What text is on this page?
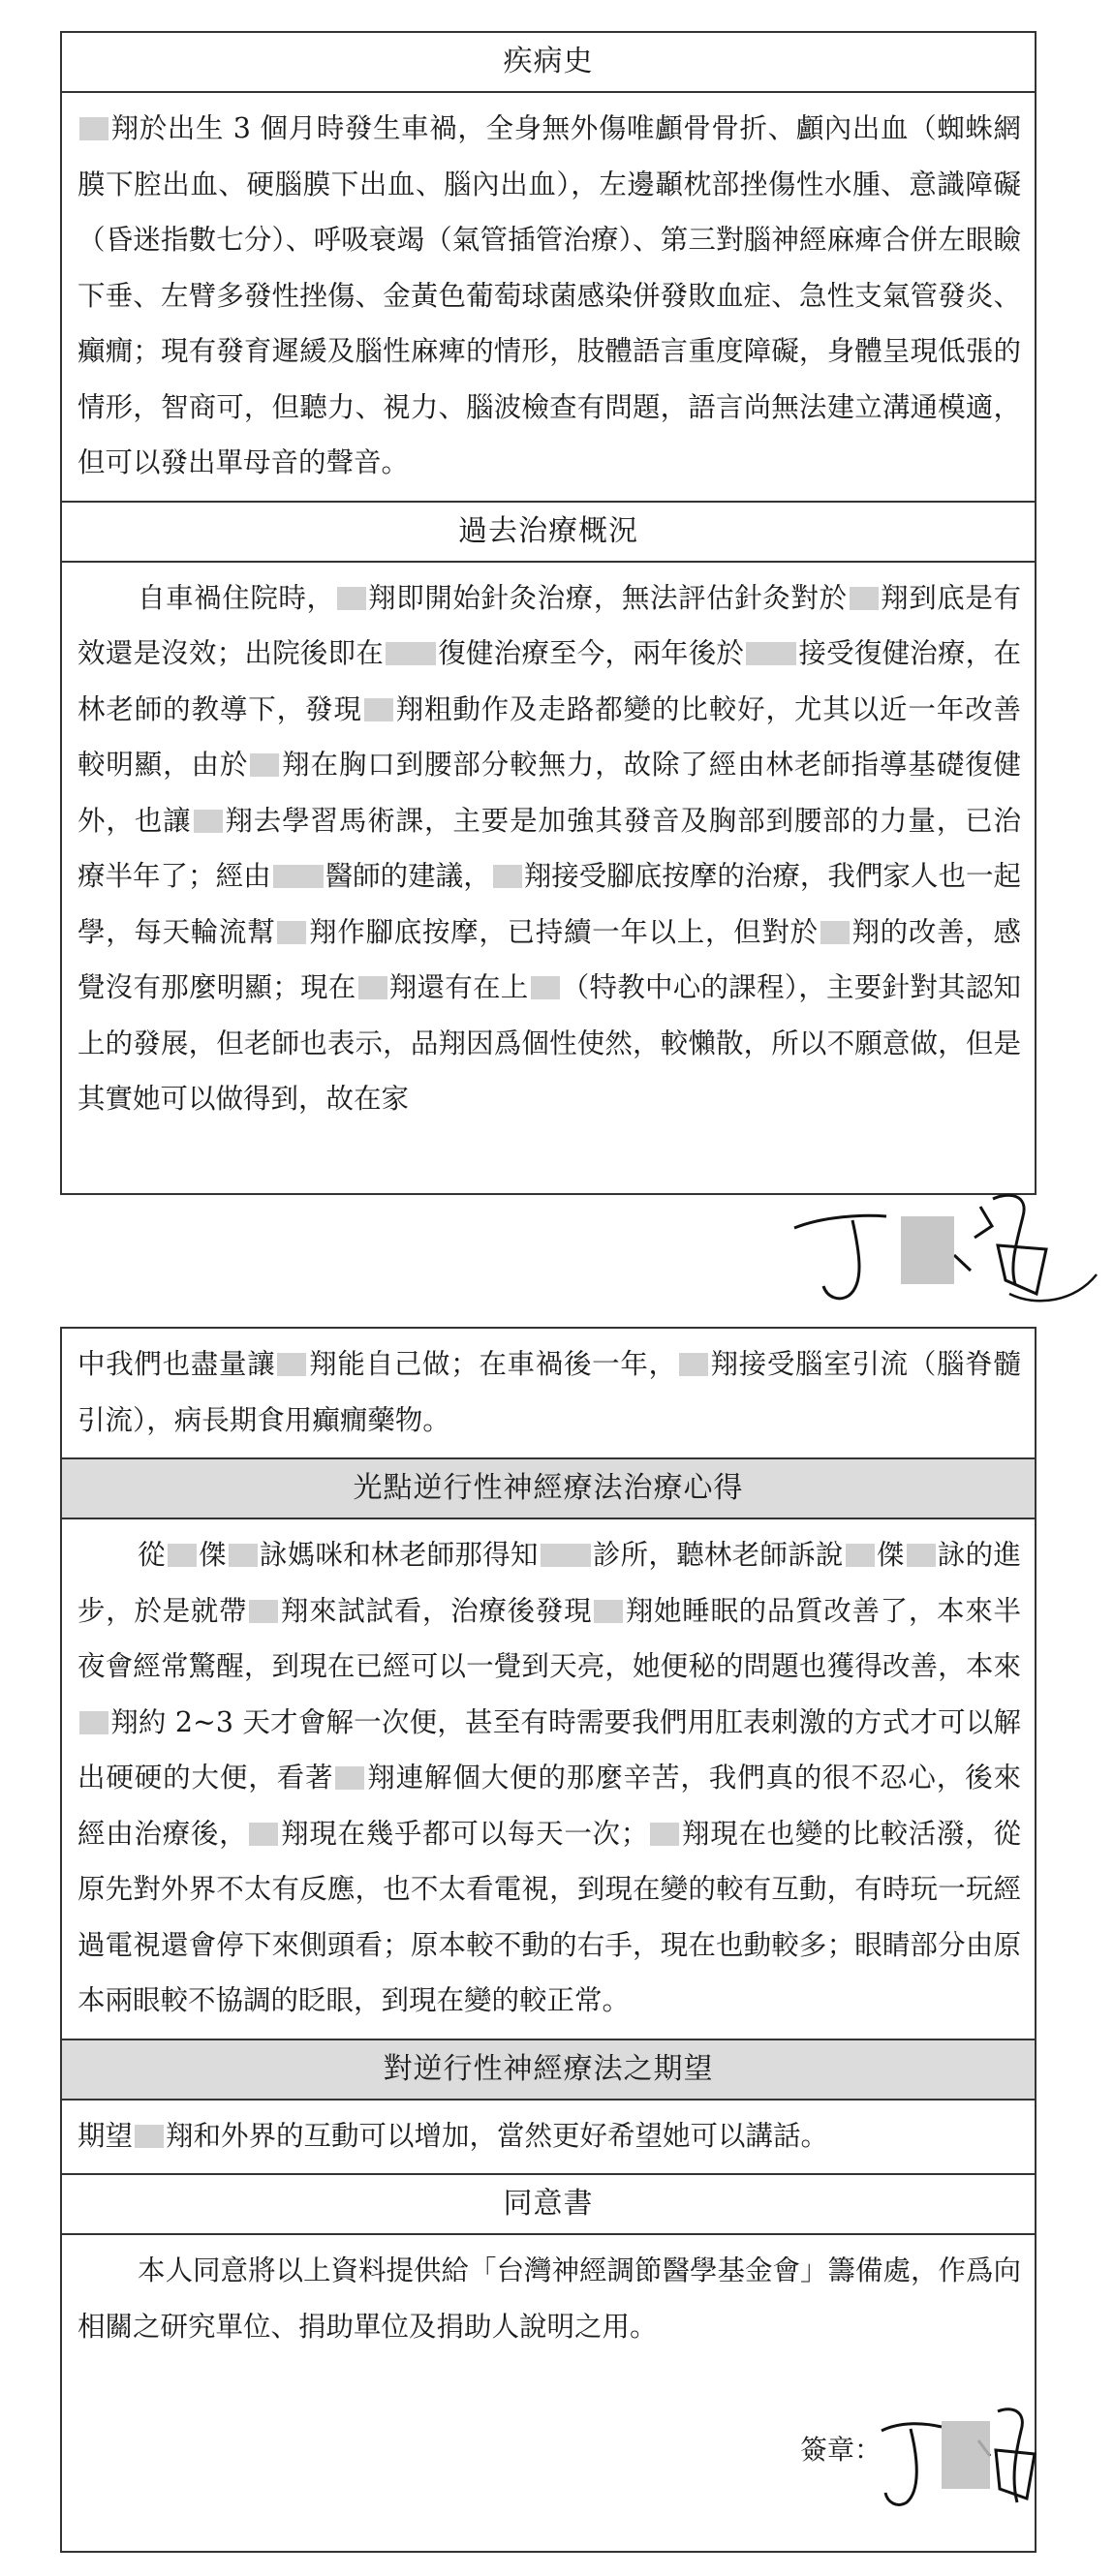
疾病史

翔於出生 3 個月時發生車禍，全身無外傷唯顱骨骨折、顱內出血（蜘蛛網膜下腔出血、硬腦膜下出血、腦內出血），左邊顳枕部挫傷性水腫、意識障礙（昏迷指數七分）、呼吸衰竭（氣管插管治療）、第三對腦神經麻痺合併左眼瞼下垂、左臂多發性挫傷、金黃色葡萄球菌感染併發敗血症、急性支氣管發炎、癲癇；現有發育遲緩及腦性麻痺的情形，肢體語言重度障礙，身體呈現低張的情形，智商可，但聽力、視力、腦波檢查有問題，語言尚無法建立溝通模適，但可以發出單母音的聲音。

過去治療概況

自車禍住院時， 翔即開始針灸治療，無法評估針灸對於 翔到底是有效還是沒效；出院後即在 復健治療至今，兩年後於 接受復健治療，在林老師的教導下，發現 翔粗動作及走路都變的比較好，尤其以近一年改善較明顯，由於 翔在胸口到腰部分較無力，故除了經由林老師指導基礎復健外，也讓 翔去學習馬術課，主要是加強其發音及胸部到腰部的力量，已治療半年了；經由 醫師的建議， 翔接受腳底按摩的治療，我們家人也一起學，每天輪流幫 翔作腳底按摩，已持續一年以上，但對於 翔的改善，感覺沒有那麼明顯；現在 翔還有在上 （特教中心的課程），主要針對其認知上的發展，但老師也表示，品翔因爲個性使然，較懶散，所以不願意做，但是其實她可以做得到，故在家

中我們也盡量讓 翔能自己做；在車禍後一年， 翔接受腦室引流（腦脊髓引流），病長期食用癲癇藥物。

光點逆行性神經療法治療心得

從 傑 詠媽咪和林老師那得知 診所，聽林老師訴說 傑 詠的進步，於是就帶 翔來試試看，治療後發現 翔她睡眠的品質改善了，本來半夜會經常驚醒，到現在已經可以一覺到天亮，她便秘的問題也獲得改善，本來翔約 2~3 天才會解一次便，甚至有時需要我們用肛表刺激的方式才可以解出硬硬的大便，看著 翔連解個大便的那麼辛苦，我們真的很不忍心，後來經由治療後， 翔現在幾乎都可以每天一次； 翔現在也變的比較活潑，從原先對外界不太有反應，也不太看電視，到現在變的較有互動，有時玩一玩經過電視還會停下來側頭看；原本較不動的右手，現在也動較多；眼睛部分由原本兩眼較不協調的眨眼，到現在變的較正常。

對逆行性神經療法之期望

期望 翔和外界的互動可以增加，當然更好希望她可以講話。

同意書

本人同意將以上資料提供給「台灣神經調節醫學基金會」籌備處，作爲向相關之研究單位、捐助單位及捐助人說明之用。

簽章：
